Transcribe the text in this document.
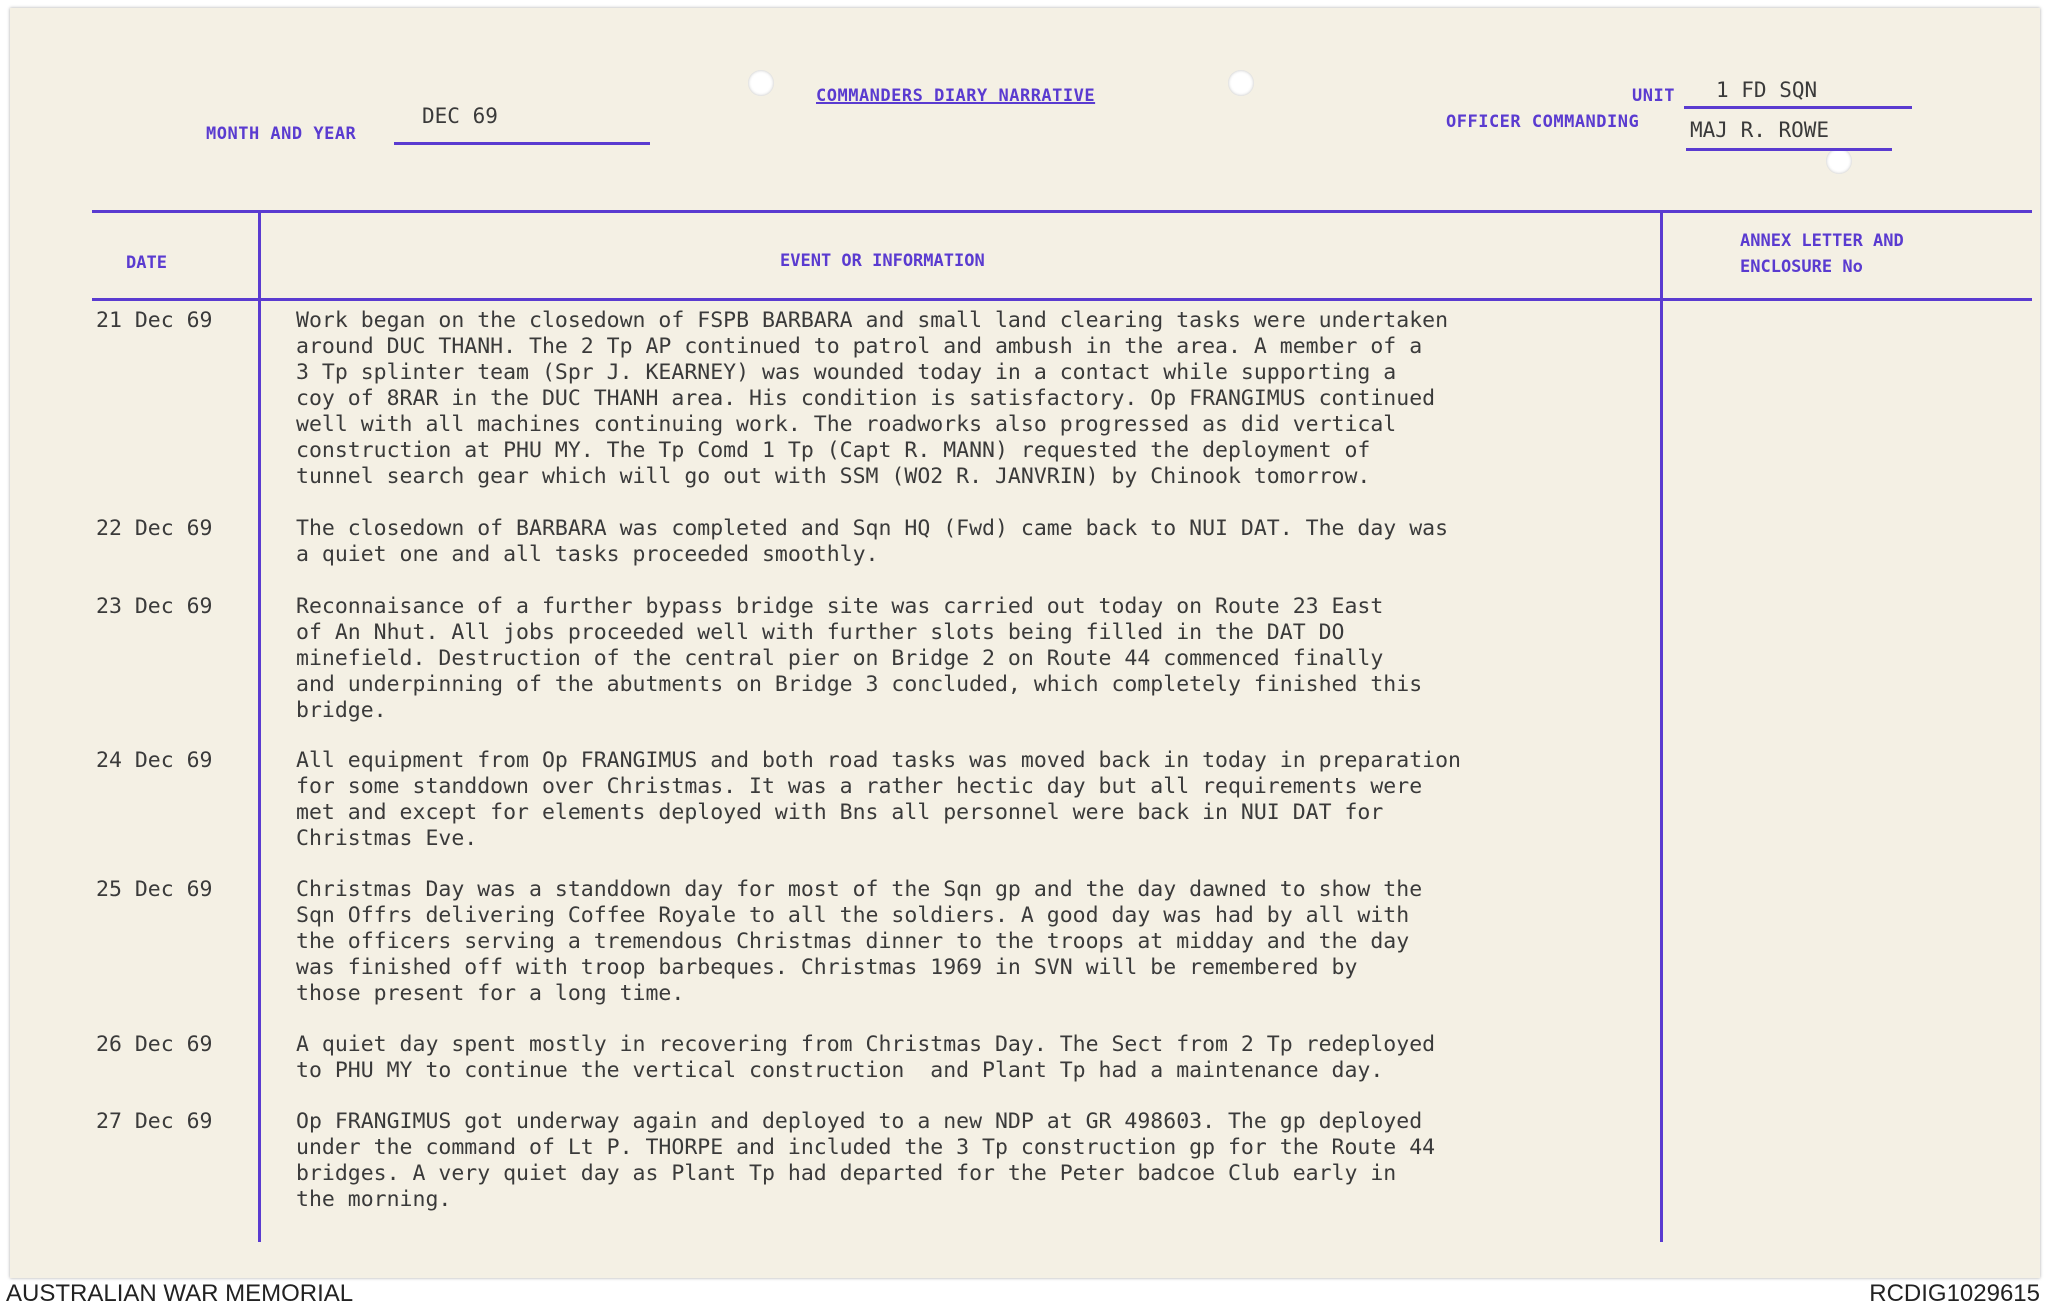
COMMANDERS DIARY NARRATIVE
MONTH AND YEAR
DEC 69
UNIT 1 FD SQN
OFFICER COMMANDING MAJ R. ROWE
DATE	EVENT OR INFORMATION
ANNEX LETTER AND
ENCLOSURE No
21 Dec 69	Work began on the closedown of FSPB BARBARA and small land clearing tasks were undertaken
around DUC THANH. The 2 Tp AP continued to patrol and ambush in the area. A member of a
3 Tp splinter team (Spr J. KEARNEY) was wounded today in a contact while supporting a
coy of 8RAR in the DUC THANH area. His condition is satisfactory. Op FRANGIMUS continued
well with all machines continuing work. The roadworks also progressed as did vertical
construction at PHU MY. The Tp Comd 1 Tp (Capt R. MANN) requested the deployment of
tunnel search gear which will go out with SSM (WO2 R. JANVRIN) by Chinook tomorrow.
22 Dec 69	The closedown of BARBARA was completed and Sqn HQ (Fwd) came back to NUI DAT. The day was
a quiet one and all tasks proceeded smoothly.
23 Dec 69	Reconnaisance of a further bypass bridge site was carried out today on Route 23 East
of An Nhut. All jobs proceeded well with further slots being filled in the DAT DO
minefield. Destruction of the central pier on Bridge 2 on Route 44 commenced finally
and underpinning of the abutments on Bridge 3 concluded, which completely finished this
bridge.
24 Dec 69	All equipment from Op FRANGIMUS and both road tasks was moved back in today in preparation
for some standdown over Christmas. It was a rather hectic day but all requirements were
met and except for elements deployed with Bns all personnel were back in NUI DAT for
Christmas Eve.
25 Dec 69	Christmas Day was a standdown day for most of the Sqn gp and the day dawned to show the
Sqn Offrs delivering Coffee Royale to all the soldiers. A good day was had by all with
the officers serving a tremendous Christmas dinner to the troops at midday and the day
was finished off with troop barbeques. Christmas 1969 in SVN will be remembered by
those present for a long time.
26 Dec 69	A quiet day spent mostly in recovering from Christmas Day. The Sect from 2 Tp redeployed
to PHU MY to continue the vertical construction  and Plant Tp had a maintenance day.
27 Dec 69	Op FRANGIMUS got underway again and deployed to a new NDP at GR 498603. The gp deployed
under the command of Lt P. THORPE and included the 3 Tp construction gp for the Route 44
bridges. A very quiet day as Plant Tp had departed for the Peter badcoe Club early in
the morning.
AUSTRALIAN WAR MEMORIAL	RCDIG1029615
